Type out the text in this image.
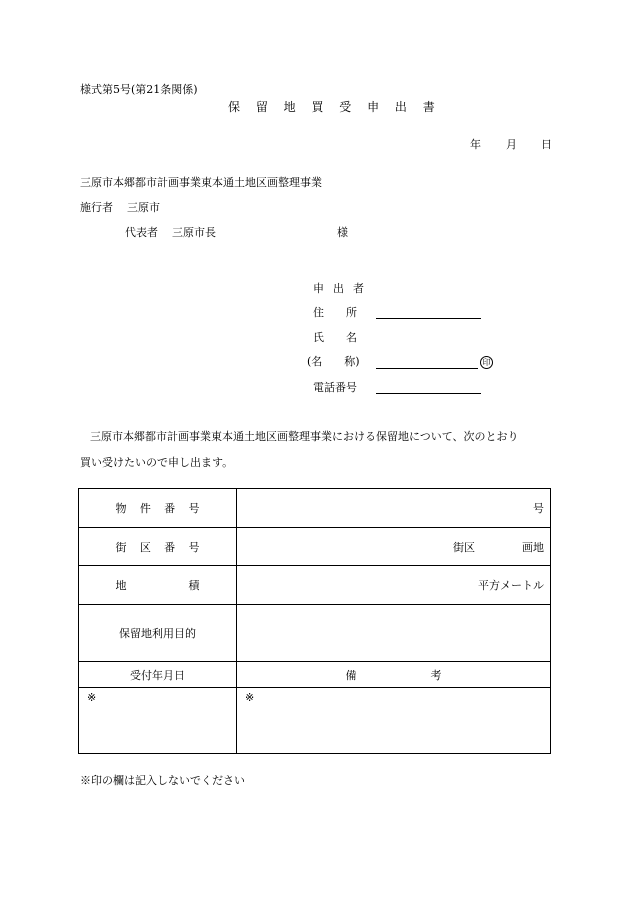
様式第5号(第21条関係)
保 留 地 買 受 申 出 書
年 月 日
三原市本郷都市計画事業東本通土地区画整理事業
施行者 三原市
代表者 三原市長	様
申 出 者
住　　所
氏　　名
(名　　称)	印
電話番号
三原市本郷都市計画事業東本通土地区画整理事業における保留地について、次のとおり
買い受けたいので申し出ます。
物 件 番 号	号
街 区 番 号	街区 画地
地　　　積	平方メートル
保留地利用目的	
受付年月日	備　　　　考
※	※
※印の欄は記入しないでください
